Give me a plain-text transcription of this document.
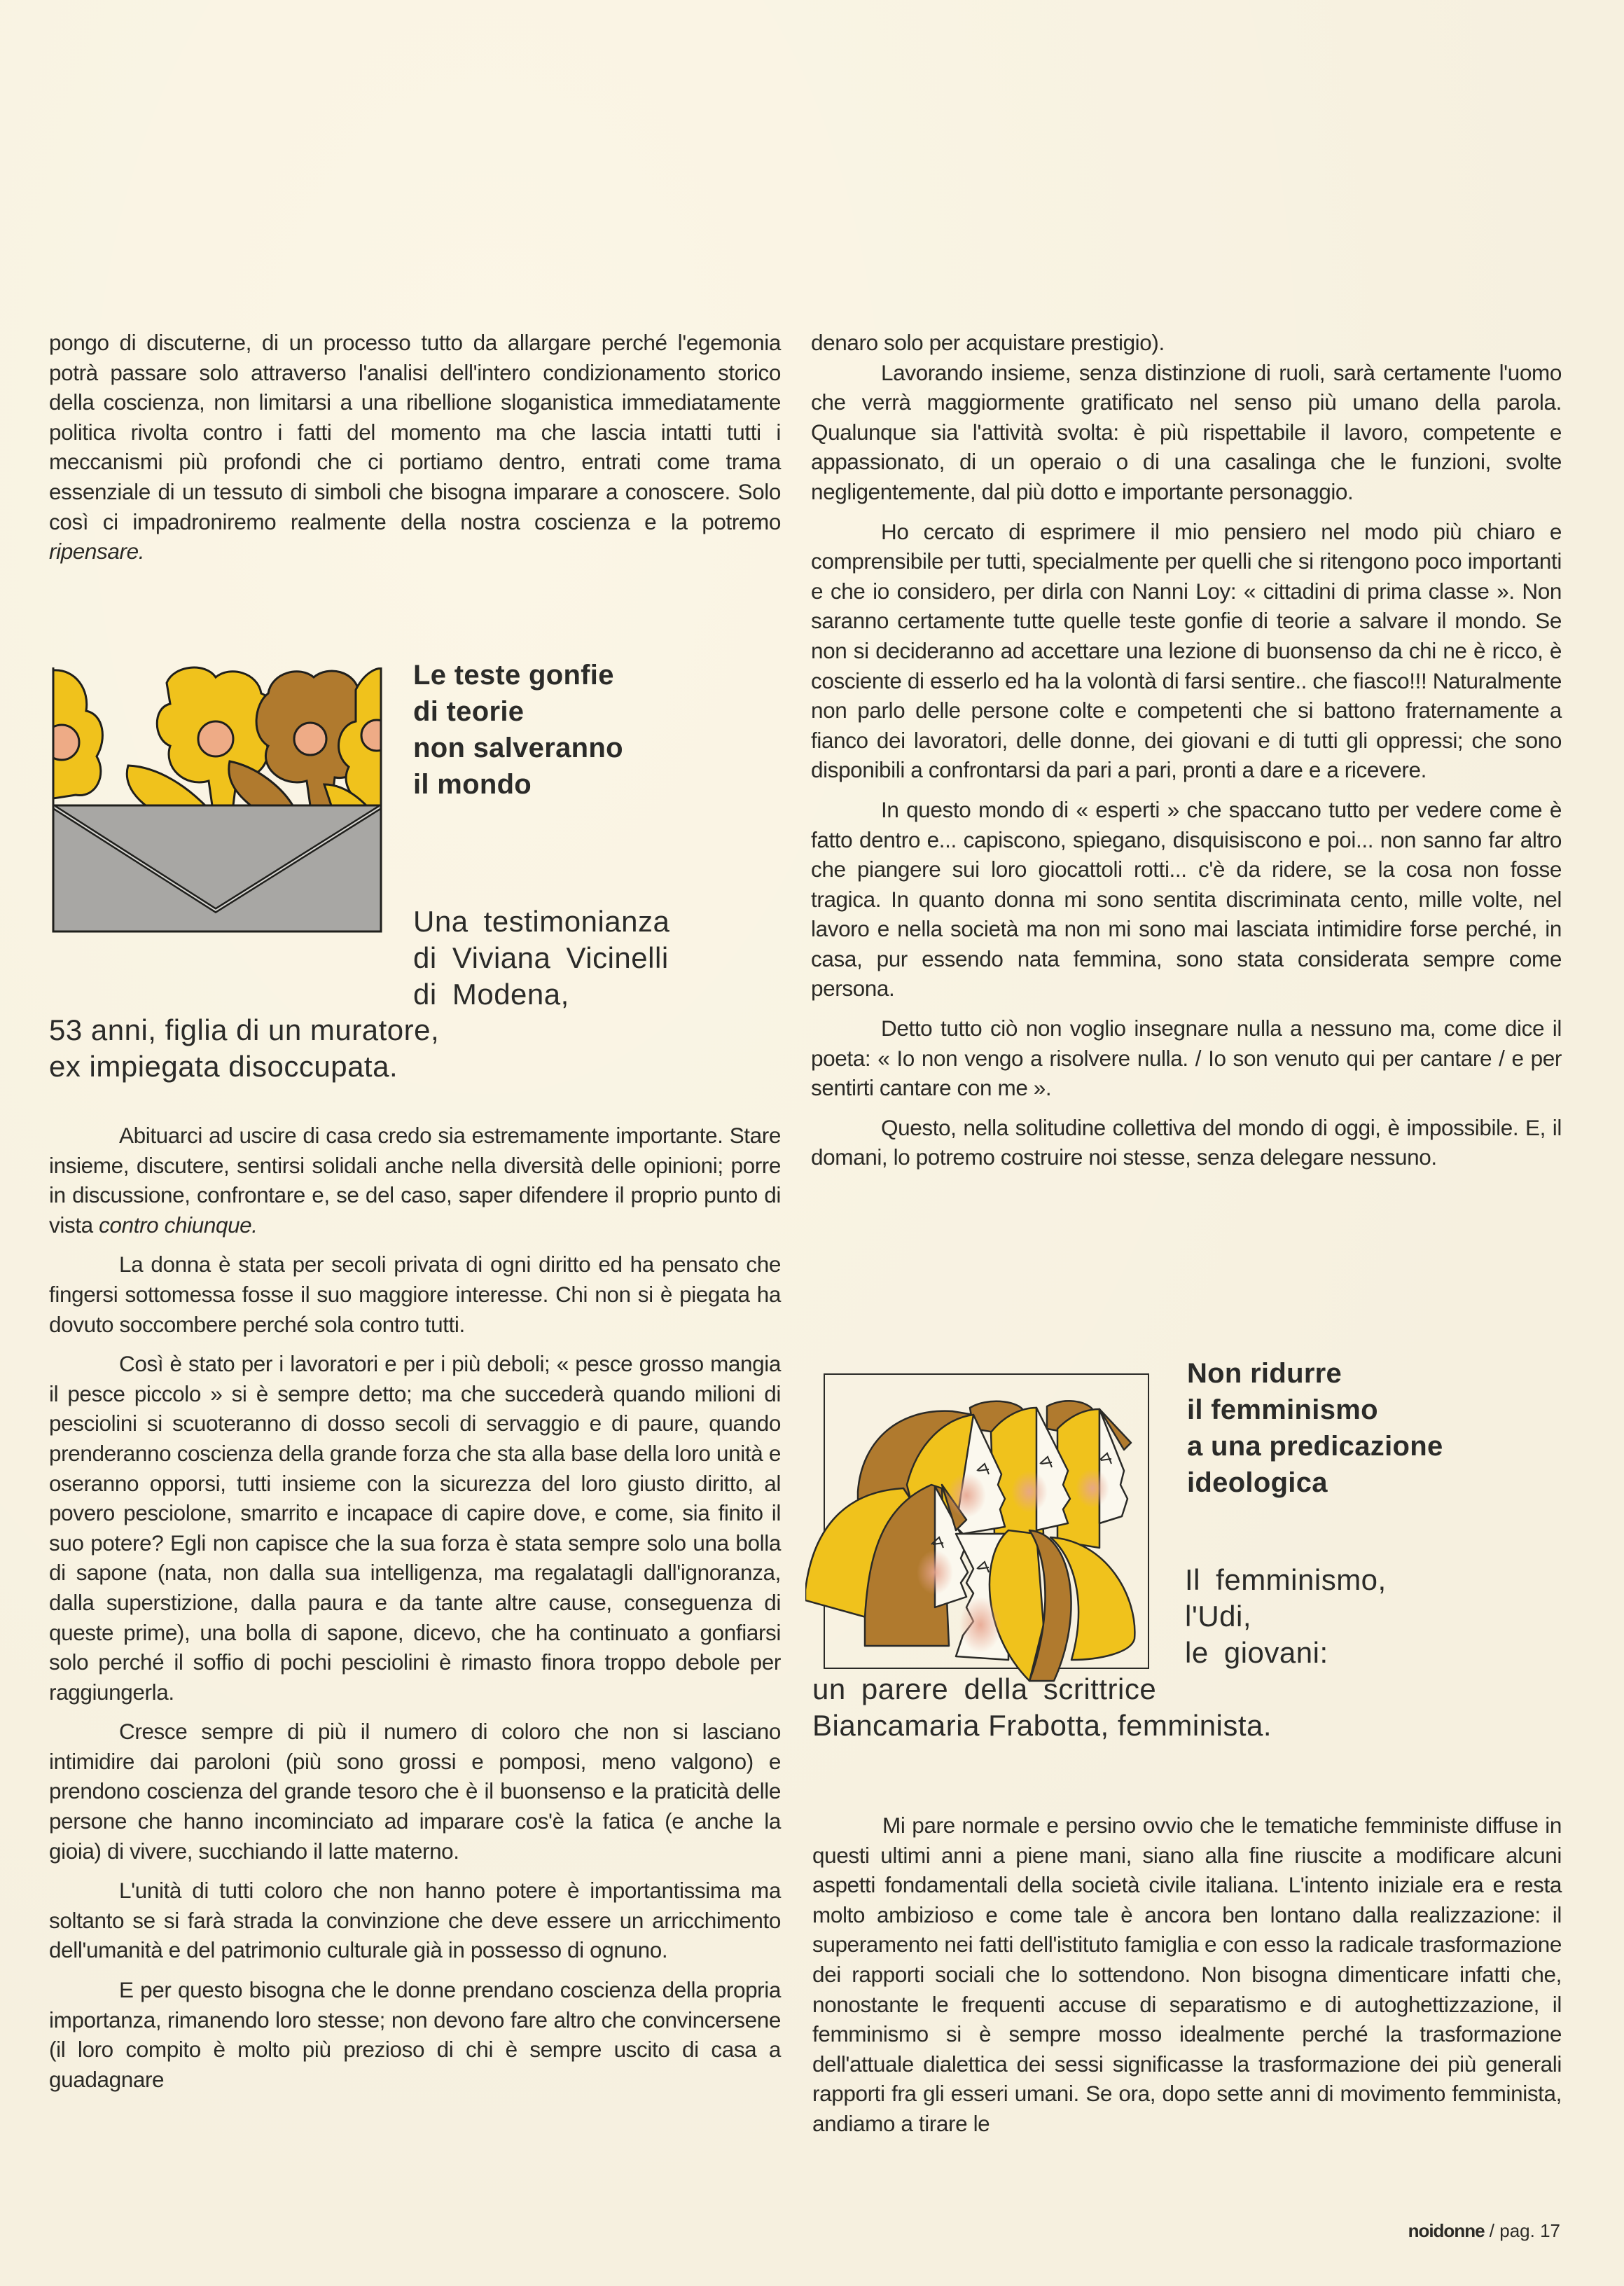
pongo di discuterne, di un processo tutto da allargare perché l'egemonia potrà passare solo attraverso l'analisi dell'intero condizionamento storico della coscienza, non limitarsi a una ribellione sloganistica immediatamente politica rivolta contro i fatti del momento ma che lascia intatti tutti i meccanismi più profondi che ci portiamo dentro, entrati come trama essenziale di un tessuto di simboli che bisogna imparare a conoscere. Solo così ci impadroniremo realmente della nostra coscienza e la potremo ripensare.

Le teste gonfie
di teorie
non salveranno
il mondo
Una testimonianza
di Viviana Vicinelli
di Modena,
53 anni, figlia di un muratore,
ex impiegata disoccupata.

Abituarci ad uscire di casa credo sia estremamente importante. Stare insieme, discutere, sentirsi solidali anche nella diversità delle opinioni; porre in discussione, confrontare e, se del caso, saper difendere il proprio punto di vista contro chiunque.

La donna è stata per secoli privata di ogni diritto ed ha pensato che fingersi sottomessa fosse il suo maggiore interesse. Chi non si è piegata ha dovuto soccombere perché sola contro tutti.

Così è stato per i lavoratori e per i più deboli; « pesce grosso mangia il pesce piccolo » si è sempre detto; ma che succederà quando milioni di pesciolini si scuoteranno di dosso secoli di servaggio e di paure, quando prenderanno coscienza della grande forza che sta alla base della loro unità e oseranno opporsi, tutti insieme con la sicurezza del loro giusto diritto, al povero pesciolone, smarrito e incapace di capire dove, e come, sia finito il suo potere? Egli non capisce che la sua forza è stata sempre solo una bolla di sapone (nata, non dalla sua intelligenza, ma regalatagli dall'ignoranza, dalla superstizione, dalla paura e da tante altre cause, conseguenza di queste prime), una bolla di sapone, dicevo, che ha continuato a gonfiarsi solo perché il soffio di pochi pesciolini è rimasto finora troppo debole per raggiungerla.

Cresce sempre di più il numero di coloro che non si lasciano intimidire dai paroloni (più sono grossi e pomposi, meno valgono) e prendono coscienza del grande tesoro che è il buonsenso e la praticità delle persone che hanno incominciato ad imparare cos'è la fatica (e anche la gioia) di vivere, succhiando il latte materno.

L'unità di tutti coloro che non hanno potere è importantissima ma soltanto se si farà strada la convinzione che deve essere un arricchimento dell'umanità e del patrimonio culturale già in possesso di ognuno.

E per questo bisogna che le donne prendano coscienza della propria importanza, rimanendo loro stesse; non devono fare altro che convincersene (il loro compito è molto più prezioso di chi è sempre uscito di casa a guadagnare

denaro solo per acquistare prestigio).

Lavorando insieme, senza distinzione di ruoli, sarà certamente l'uomo che verrà maggiormente gratificato nel senso più umano della parola. Qualunque sia l'attività svolta: è più rispettabile il lavoro, competente e appassionato, di un operaio o di una casalinga che le funzioni, svolte negligentemente, dal più dotto e importante personaggio.

Ho cercato di esprimere il mio pensiero nel modo più chiaro e comprensibile per tutti, specialmente per quelli che si ritengono poco importanti e che io considero, per dirla con Nanni Loy: « cittadini di prima classe ». Non saranno certamente tutte quelle teste gonfie di teorie a salvare il mondo. Se non si decideranno ad accettare una lezione di buonsenso da chi ne è ricco, è cosciente di esserlo ed ha la volontà di farsi sentire.. che fiasco!!! Naturalmente non parlo delle persone colte e competenti che si battono fraternamente a fianco dei lavoratori, delle donne, dei giovani e di tutti gli oppressi; che sono disponibili a confrontarsi da pari a pari, pronti a dare e a ricevere.

In questo mondo di « esperti » che spaccano tutto per vedere come è fatto dentro e... capiscono, spiegano, disquisiscono e poi... non sanno far altro che piangere sui loro giocattoli rotti... c'è da ridere, se la cosa non fosse tragica. In quanto donna mi sono sentita discriminata cento, mille volte, nel lavoro e nella società ma non mi sono mai lasciata intimidire forse perché, in casa, pur essendo nata femmina, sono stata considerata sempre come persona.

Detto tutto ciò non voglio insegnare nulla a nessuno ma, come dice il poeta: « Io non vengo a risolvere nulla. / Io son venuto qui per cantare / e per sentirti cantare con me ».

Questo, nella solitudine collettiva del mondo di oggi, è impossibile. E, il domani, lo potremo costruire noi stesse, senza delegare nessuno.

Non ridurre
il femminismo
a una predicazione
ideologica
Il femminismo,
l'Udi,
le giovani:
un parere della scrittrice
Biancamaria Frabotta, femminista.

Mi pare normale e persino ovvio che le tematiche femministe diffuse in questi ultimi anni a piene mani, siano alla fine riuscite a modificare alcuni aspetti fondamentali della società civile italiana. L'intento iniziale era e resta molto ambizioso e come tale è ancora ben lontano dalla realizzazione: il superamento nei fatti dell'istituto famiglia e con esso la radicale trasformazione dei rapporti sociali che lo sottendono. Non bisogna dimenticare infatti che, nonostante le frequenti accuse di separatismo e di autoghettizzazione, il femminismo si è sempre mosso idealmente perché la trasformazione dell'attuale dialettica dei sessi significasse la trasformazione dei più generali rapporti fra gli esseri umani. Se ora, dopo sette anni di movimento femminista, andiamo a tirare le

noidonne / pag. 17
